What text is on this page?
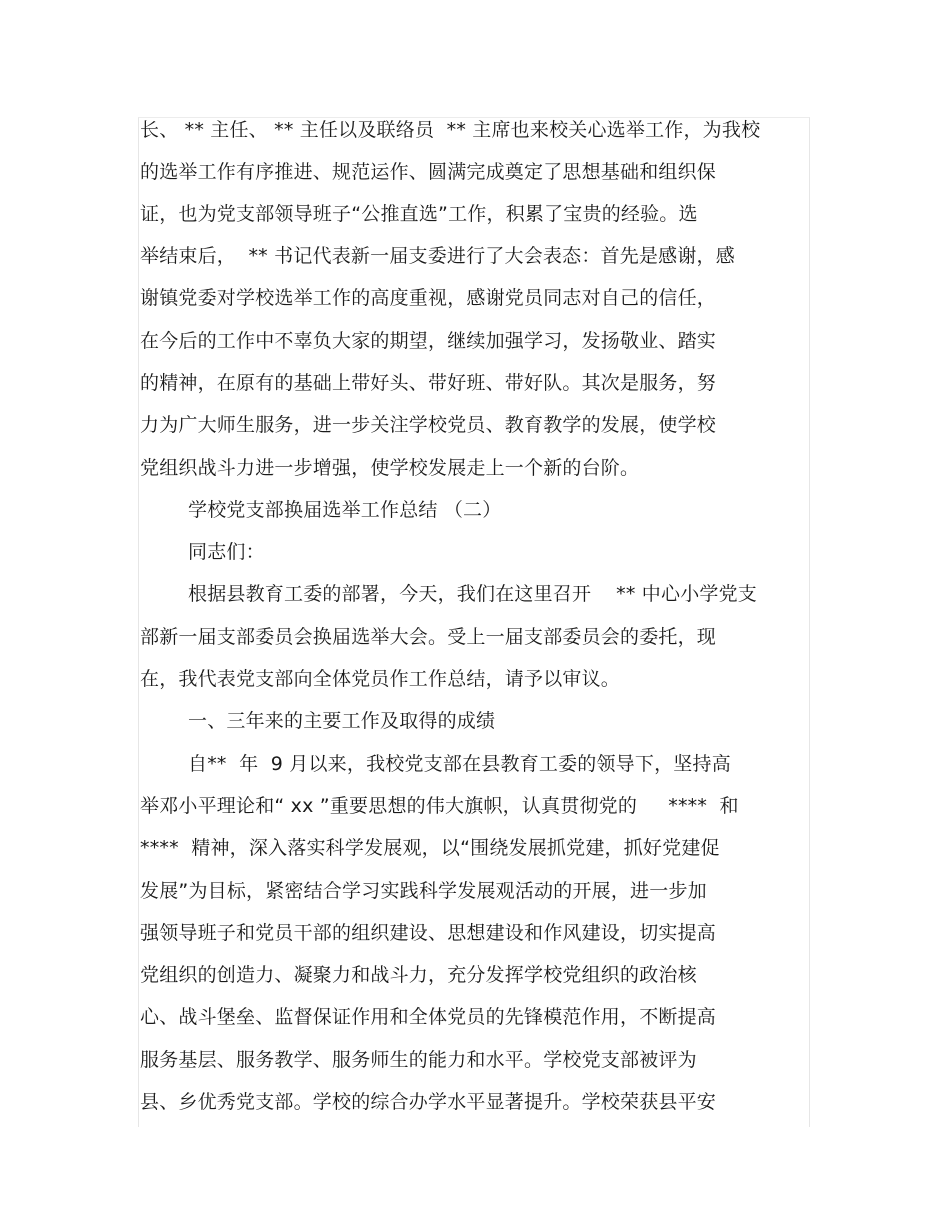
长、 ** 主任、 ** 主任以及联络员  ** 主席也来校关心选举工作，为我校
的选举工作有序推进、规范运作、圆满完成奠定了思想基础和组织保
证，也为党支部领导班子“公推直选”工作，积累了宝贵的经验。选
举结束后，  ** 书记代表新一届支委进行了大会表态：首先是感谢，感
谢镇党委对学校选举工作的高度重视，感谢党员同志对自己的信任，
在今后的工作中不辜负大家的期望，继续加强学习，发扬敬业、踏实
的精神，在原有的基础上带好头、带好班、带好队。其次是服务，努
力为广大师生服务，进一步关注学校党员、教育教学的发展，使学校
党组织战斗力进一步增强，使学校发展走上一个新的台阶。
学校党支部换届选举工作总结 （二）
同志们：
根据县教育工委的部署，今天，我们在这里召开    ** 中心小学党支
部新一届支部委员会换届选举大会。受上一届支部委员会的委托，现
在，我代表党支部向全体党员作工作总结，请予以审议。
一、三年来的主要工作及取得的成绩
自**  年  9 月以来，我校党支部在县教育工委的领导下，坚持高
举邓小平理论和“ xx ”重要思想的伟大旗帜，认真贯彻党的     ****  和
****  精神，深入落实科学发展观，以“围绕发展抓党建，抓好党建促
发展”为目标，紧密结合学习实践科学发展观活动的开展，进一步加
强领导班子和党员干部的组织建设、思想建设和作风建设，切实提高
党组织的创造力、凝聚力和战斗力，充分发挥学校党组织的政治核
心、战斗堡垒、监督保证作用和全体党员的先锋模范作用，不断提高
服务基层、服务教学、服务师生的能力和水平。学校党支部被评为
县、乡优秀党支部。学校的综合办学水平显著提升。学校荣获县平安
